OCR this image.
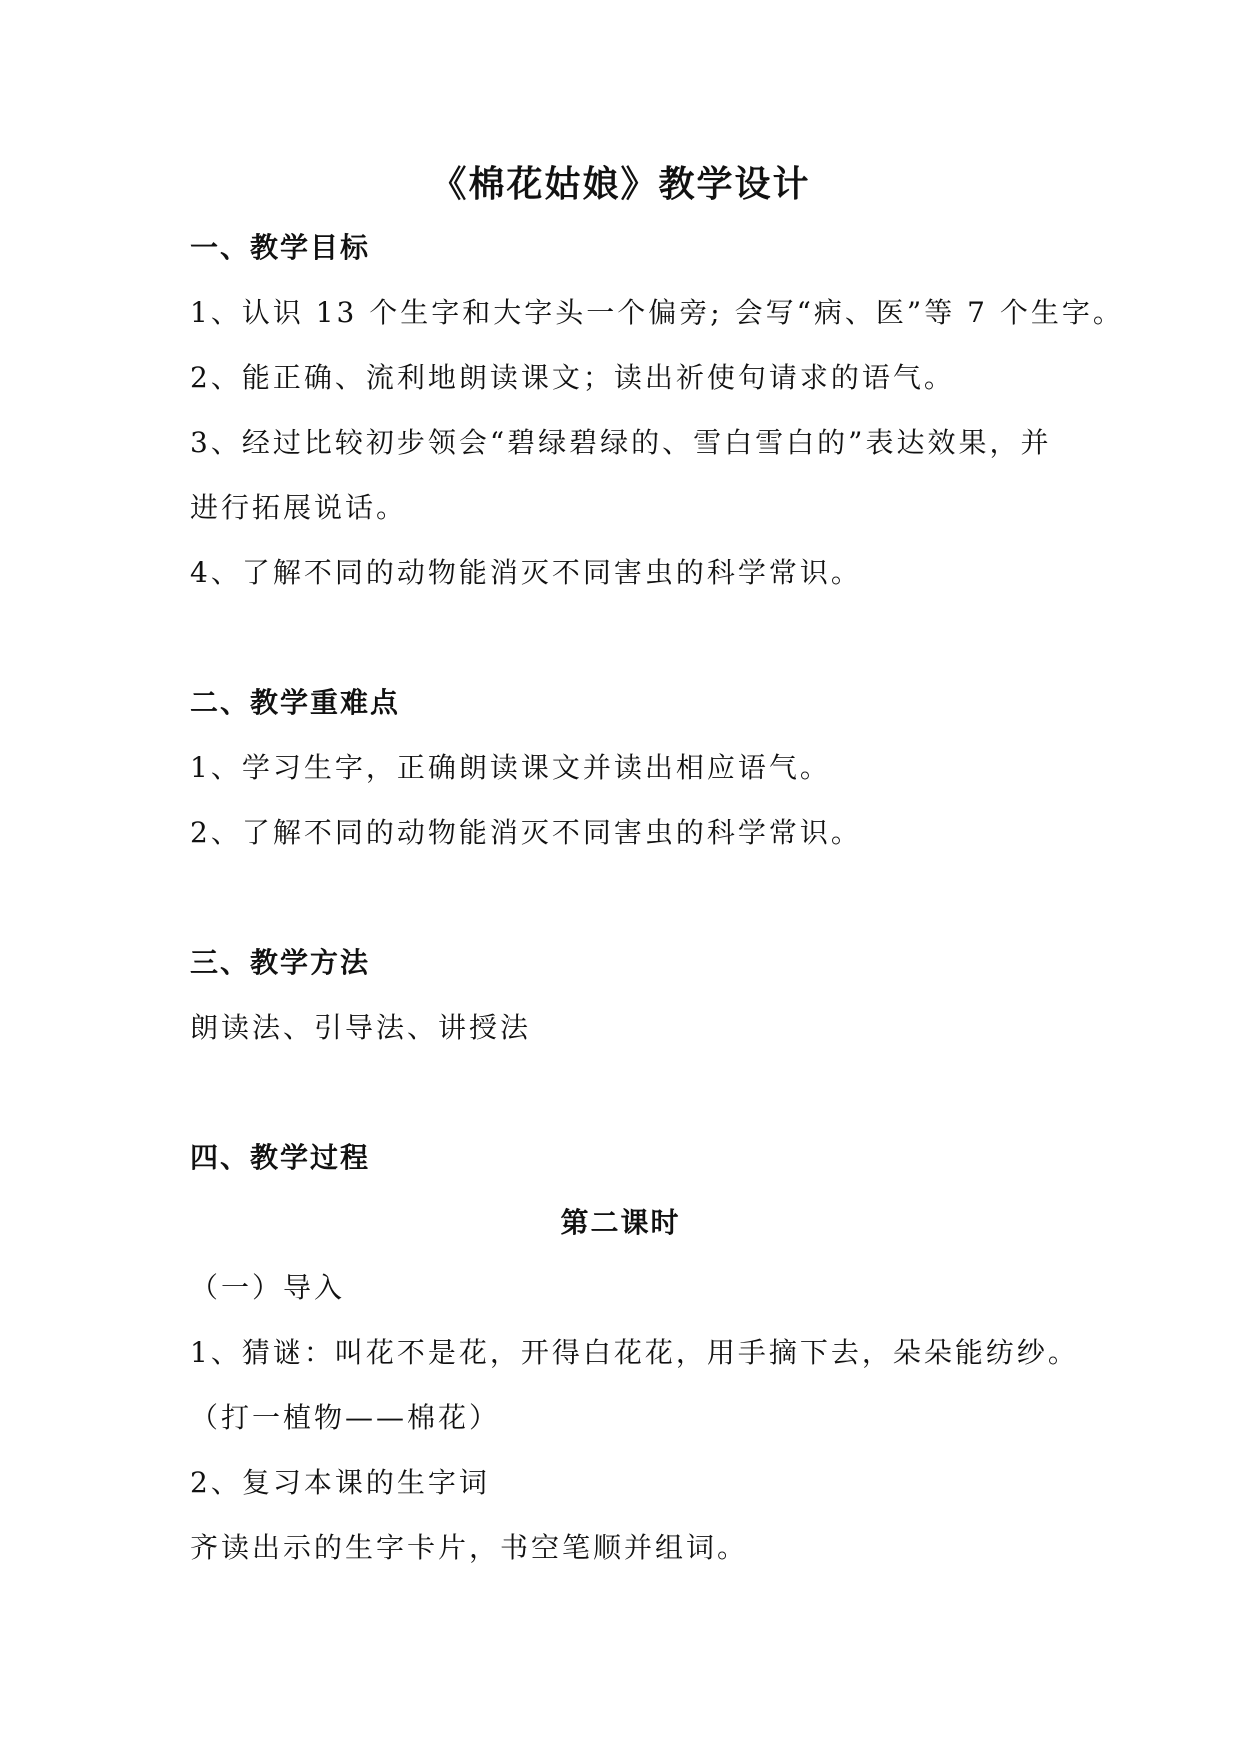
《棉花姑娘》教学设计
一、教学目标
1、认识 13 个生字和大字头一个偏旁; 会写“病、医”等 7 个生字。
2、能正确、流利地朗读课文；读出祈使句请求的语气。
3、经过比较初步领会“碧绿碧绿的、雪白雪白的”表达效果，并
进行拓展说话。
4、了解不同的动物能消灭不同害虫的科学常识。
二、教学重难点
1、学习生字，正确朗读课文并读出相应语气。
2、了解不同的动物能消灭不同害虫的科学常识。
三、教学方法
朗读法、引导法、讲授法
四、教学过程
第二课时
（一）导入
1、猜谜：叫花不是花，开得白花花，用手摘下去，朵朵能纺纱。
（打一植物——棉花）
2、复习本课的生字词
齐读出示的生字卡片，书空笔顺并组词。
